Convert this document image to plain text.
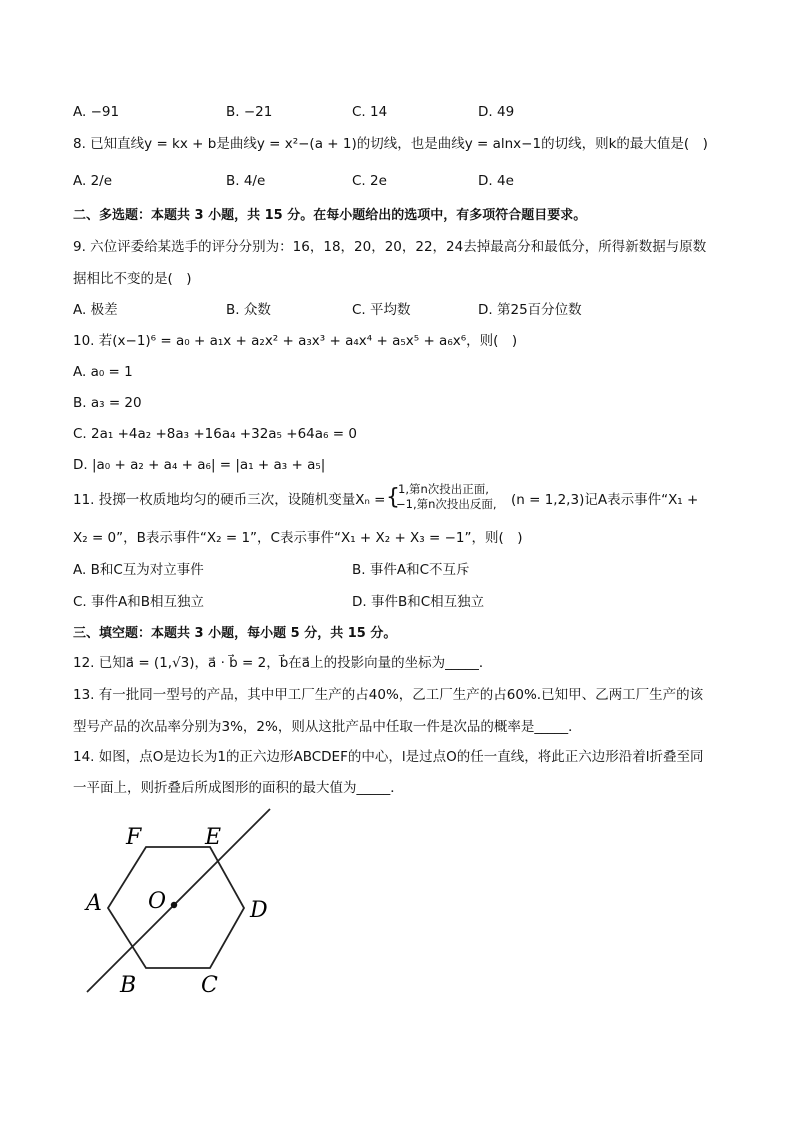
A. −91	B. −21	C. 14	D. 49
8. 已知直线y = kx + b是曲线y = x²−(a + 1)的切线，也是曲线y = alnx−1的切线，则k的最大值是(　)
A. 2/e	B. 4/e	C. 2e	D. 4e
二、多选题：本题共 3 小题，共 15 分。在每小题给出的选项中，有多项符合题目要求。
9. 六位评委给某选手的评分分别为：16，18，20，20，22，24去掉最高分和最低分，所得新数据与原数
据相比不变的是(　)
A. 极差	B. 众数	C. 平均数	D. 第25百分位数
10. 若(x−1)⁶ = a₀ + a₁x + a₂x² + a₃x³ + a₄x⁴ + a₅x⁵ + a₆x⁶，则(　)
A. a₀ = 1
B. a₃ = 20
C. 2a₁ +4a₂ +8a₃ +16a₄ +32a₅ +64a₆ = 0
D. |a₀ + a₂ + a₄ + a₆| = |a₁ + a₃ + a₅|
11. 投掷一枚质地均匀的硬币三次，设随机变量Xₙ = {
1,第n次投出正面,
−1,第n次投出反面, (n = 1,2,3)记A表示事件“X₁ +
X₂ = 0”，B表示事件“X₂ = 1”，C表示事件“X₁ + X₂ + X₃ = −1”，则(　)
A. B和C互为对立事件	B. 事件A和C不互斥
C. 事件A和B相互独立	D. 事件B和C相互独立
三、填空题：本题共 3 小题，每小题 5 分，共 15 分。
12. 已知a⃗ = (1,√3)，a⃗ · b⃗ = 2，b⃗在a⃗上的投影向量的坐标为_____．
13. 有一批同一型号的产品，其中甲工厂生产的占40%，乙工厂生产的占60%.已知甲、乙两工厂生产的该
型号产品的次品率分别为3%，2%，则从这批产品中任取一件是次品的概率是_____．
14. 如图，点O是边长为1的正六边形ABCDEF的中心，l是过点O的任一直线，将此正六边形沿着l折叠至同
一平面上，则折叠后所成图形的面积的最大值为_____．
F	E
A O	D
B	C
